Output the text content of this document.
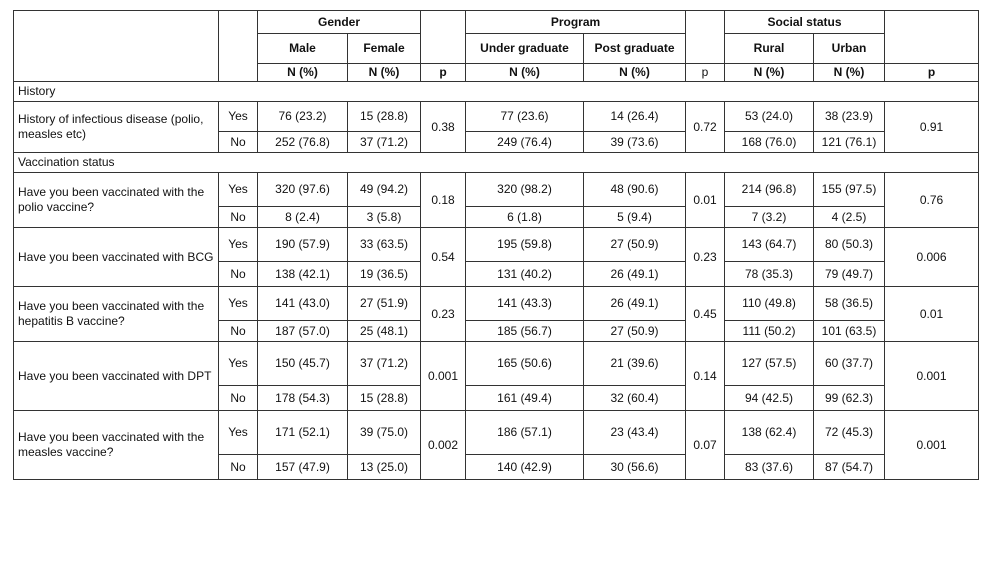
		Gender			Program			Social status		
		Male	Female		Under graduate	Post graduate		Rural	Urban	
		N (%)	N (%)	p	N (%)	N (%)	p	N (%)	N (%)	p
History										
History of infectious disease (polio, measles etc)	Yes	76 (23.2)	15 (28.8)	0.38	77 (23.6)	14 (26.4)	0.72	53 (24.0)	38 (23.9)	0.91
	No	252 (76.8)	37 (71.2)		249 (76.4)	39 (73.6)		168 (76.0)	121 (76.1)	
Vaccination status										
Have you been vaccinated with the polio vaccine?	Yes	320 (97.6)	49 (94.2)	0.18	320 (98.2)	48 (90.6)	0.01	214 (96.8)	155 (97.5)	0.76
	No	8 (2.4)	3 (5.8)		6 (1.8)	5 (9.4)		7 (3.2)	4 (2.5)	
Have you been vaccinated with BCG	Yes	190 (57.9)	33 (63.5)	0.54	195 (59.8)	27 (50.9)	0.23	143 (64.7)	80 (50.3)	0.006
	No	138 (42.1)	19 (36.5)		131 (40.2)	26 (49.1)		78 (35.3)	79 (49.7)	
Have you been vaccinated with the hepatitis B vaccine?	Yes	141 (43.0)	27 (51.9)	0.23	141 (43.3)	26 (49.1)	0.45	110 (49.8)	58 (36.5)	0.01
	No	187 (57.0)	25 (48.1)		185 (56.7)	27 (50.9)		111 (50.2)	101 (63.5)	
Have you been vaccinated with DPT	Yes	150 (45.7)	37 (71.2)	0.001	165 (50.6)	21 (39.6)	0.14	127 (57.5)	60 (37.7)	0.001
	No	178 (54.3)	15 (28.8)		161 (49.4)	32 (60.4)		94 (42.5)	99 (62.3)	
Have you been vaccinated with the measles vaccine?	Yes	171 (52.1)	39 (75.0)	0.002	186 (57.1)	23 (43.4)	0.07	138 (62.4)	72 (45.3)	0.001
	No	157 (47.9)	13 (25.0)		140 (42.9)	30 (56.6)		83 (37.6)	87 (54.7)	
